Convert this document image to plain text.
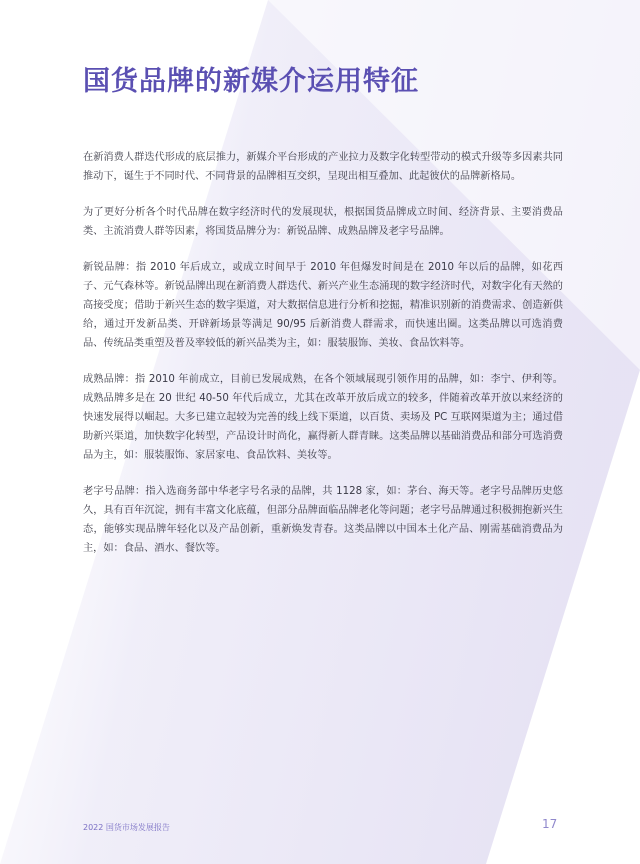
国货品牌的新媒介运用特征

在新消费人群迭代形成的底层推力，新媒介平台形成的产业拉力及数字化转型带动的模式升级等多因素共同推动下，诞生于不同时代、不同背景的品牌相互交织，呈现出相互叠加、此起彼伏的品牌新格局。

为了更好分析各个时代品牌在数字经济时代的发展现状，根据国货品牌成立时间、经济背景、主要消费品类、主流消费人群等因素，将国货品牌分为：新锐品牌、成熟品牌及老字号品牌。

新锐品牌：指 2010 年后成立，或成立时间早于 2010 年但爆发时间是在 2010 年以后的品牌，如花西子、元气森林等。新锐品牌出现在新消费人群迭代、新兴产业生态涌现的数字经济时代，对数字化有天然的高接受度；借助于新兴生态的数字渠道，对大数据信息进行分析和挖掘，精准识别新的消费需求、创造新供给，通过开发新品类、开辟新场景等满足 90/95 后新消费人群需求，而快速出圈。这类品牌以可选消费品、传统品类重塑及普及率较低的新兴品类为主，如：服装服饰、美妆、食品饮料等。

成熟品牌：指 2010 年前成立，目前已发展成熟，在各个领域展现引领作用的品牌，如：李宁、伊利等。成熟品牌多是在 20 世纪 40-50 年代后成立，尤其在改革开放后成立的较多，伴随着改革开放以来经济的快速发展得以崛起。大多已建立起较为完善的线上线下渠道，以百货、卖场及 PC 互联网渠道为主；通过借助新兴渠道，加快数字化转型，产品设计时尚化，赢得新人群青睐。这类品牌以基础消费品和部分可选消费品为主，如：服装服饰、家居家电、食品饮料、美妆等。

老字号品牌：指入选商务部中华老字号名录的品牌，共 1128 家，如：茅台、海天等。老字号品牌历史悠久，具有百年沉淀，拥有丰富文化底蕴，但部分品牌面临品牌老化等问题；老字号品牌通过积极拥抱新兴生态，能够实现品牌年轻化以及产品创新，重新焕发青春。这类品牌以中国本土化产品、刚需基础消费品为主，如：食品、酒水、餐饮等。

2022 国货市场发展报告	17
